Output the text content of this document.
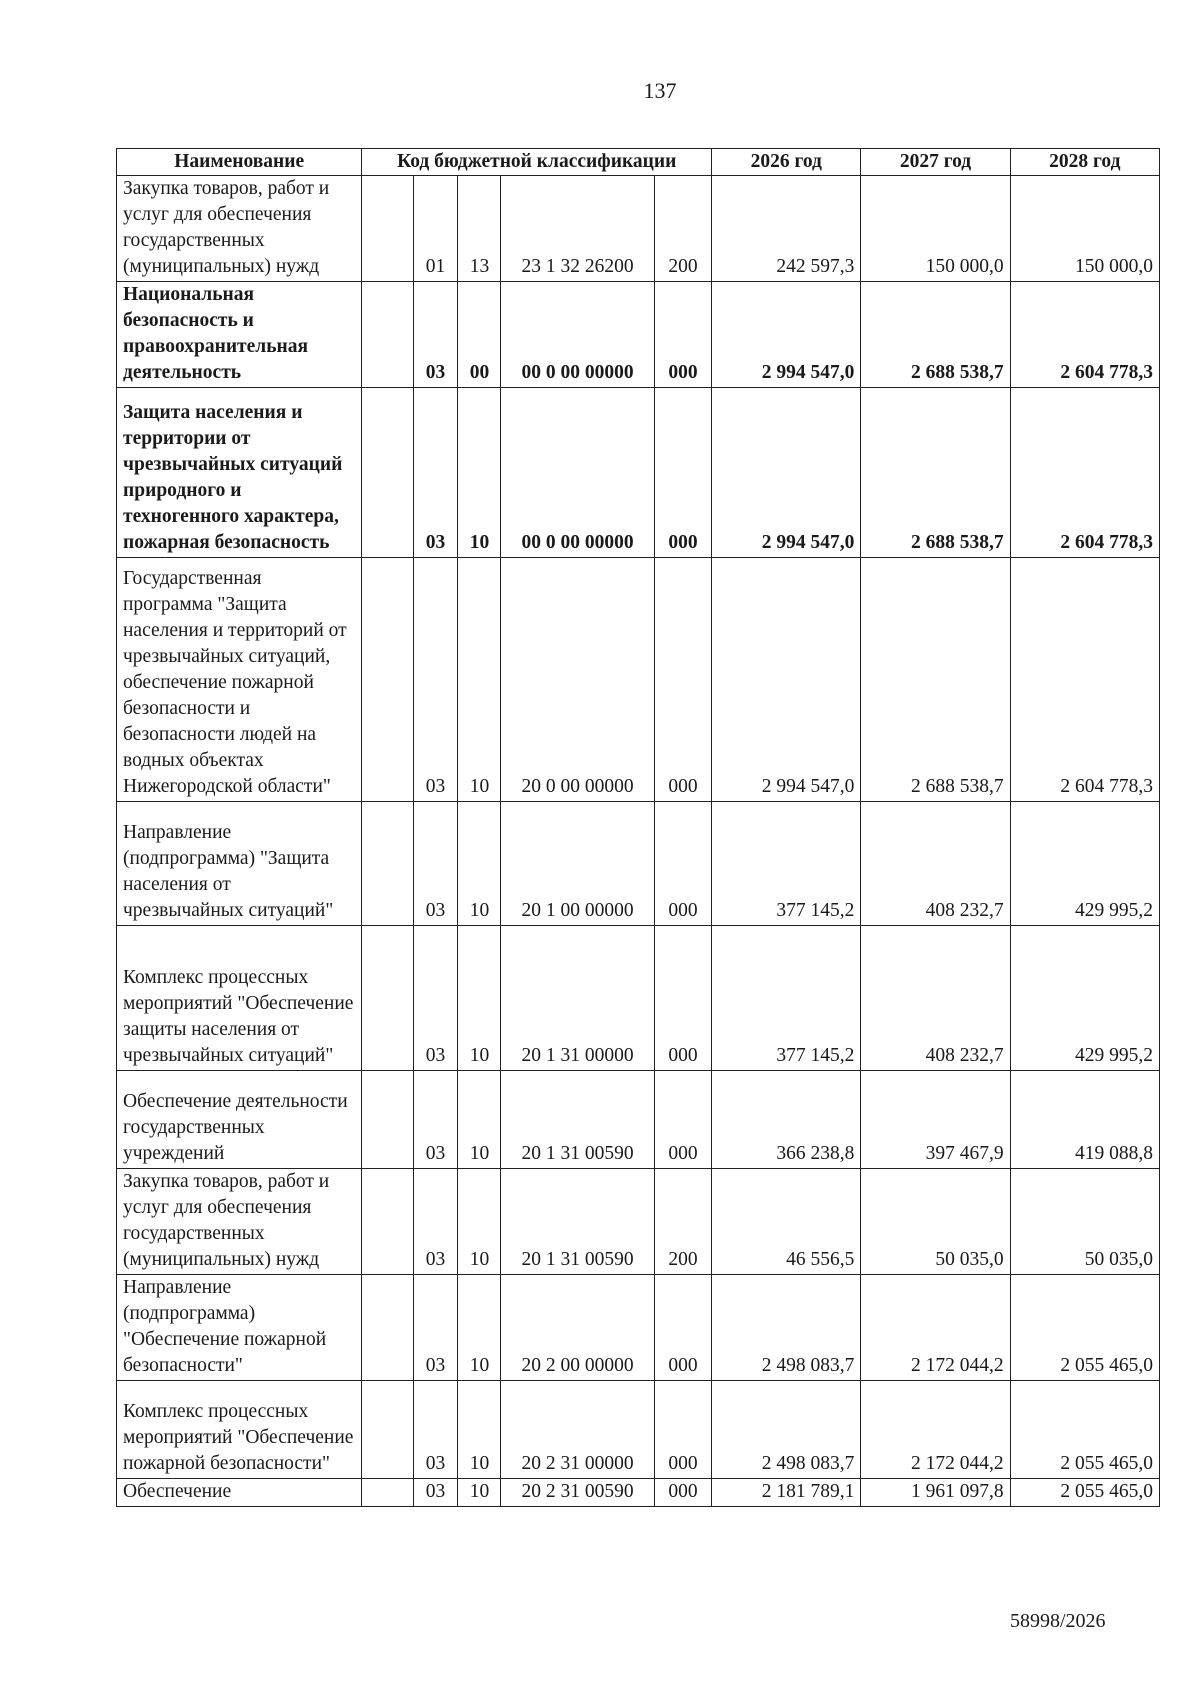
137
Наименование	Код бюджетной классификации					2026 год	2027 год	2028 год
Закупка товаров, работ и услуг для обеспечения государственных (муниципальных) нужд		01	13	23 1 32 26200	200	242 597,3	150 000,0	150 000,0
Национальная безопасность и правоохранительная деятельность		03	00	00 0 00 00000	000	2 994 547,0	2 688 538,7	2 604 778,3
Защита населения и территории от чрезвычайных ситуаций природного и техногенного характера, пожарная безопасность		03	10	00 0 00 00000	000	2 994 547,0	2 688 538,7	2 604 778,3
Государственная программа "Защита населения и территорий от чрезвычайных ситуаций, обеспечение пожарной безопасности и безопасности людей на водных объектах Нижегородской области"		03	10	20 0 00 00000	000	2 994 547,0	2 688 538,7	2 604 778,3
Направление (подпрограмма) "Защита населения от чрезвычайных ситуаций"		03	10	20 1 00 00000	000	377 145,2	408 232,7	429 995,2
Комплекс процессных мероприятий "Обеспечение защиты населения от чрезвычайных ситуаций"		03	10	20 1 31 00000	000	377 145,2	408 232,7	429 995,2
Обеспечение деятельности государственных учреждений		03	10	20 1 31 00590	000	366 238,8	397 467,9	419 088,8
Закупка товаров, работ и услуг для обеспечения государственных (муниципальных) нужд		03	10	20 1 31 00590	200	46 556,5	50 035,0	50 035,0
Направление (подпрограмма) "Обеспечение пожарной безопасности"		03	10	20 2 00 00000	000	2 498 083,7	2 172 044,2	2 055 465,0
Комплекс процессных мероприятий "Обеспечение пожарной безопасности"		03	10	20 2 31 00000	000	2 498 083,7	2 172 044,2	2 055 465,0
Обеспечение		03	10	20 2 31 00590	000	2 181 789,1	1 961 097,8	2 055 465,0
58998/2026
